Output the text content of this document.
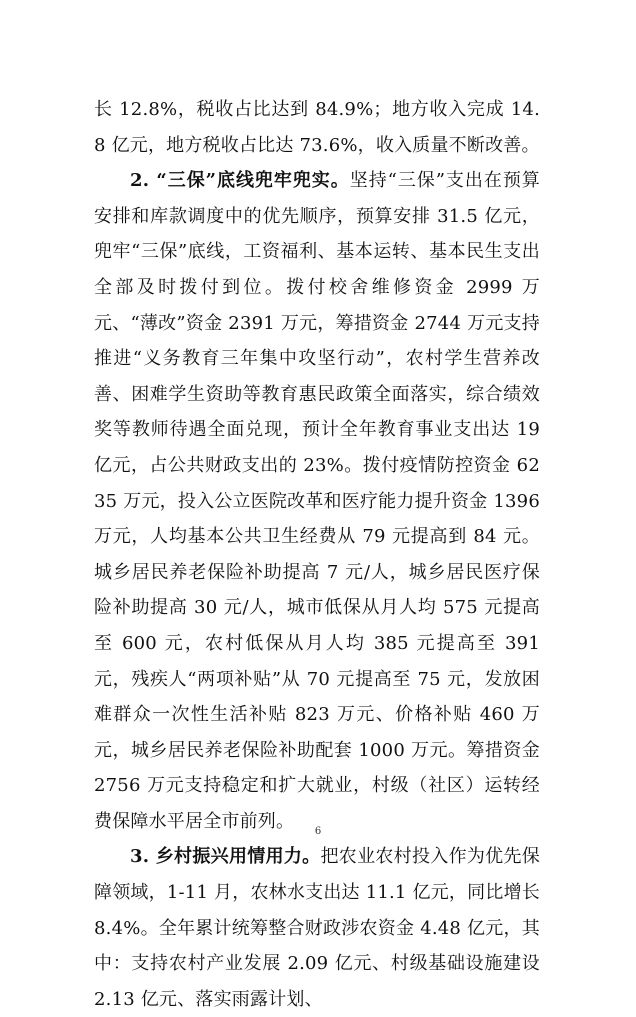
长 12.8%，税收占比达到 84.9%；地方收入完成 14.8 亿元，地方税收占比达 73.6%，收入质量不断改善。

2. “三保”底线兜牢兜实。坚持“三保”支出在预算安排和库款调度中的优先顺序，预算安排 31.5 亿元，兜牢“三保”底线，工资福利、基本运转、基本民生支出全部及时拨付到位。拨付校舍维修资金 2999 万元、“薄改”资金 2391 万元，筹措资金 2744 万元支持推进“义务教育三年集中攻坚行动”，农村学生营养改善、困难学生资助等教育惠民政策全面落实，综合绩效奖等教师待遇全面兑现，预计全年教育事业支出达 19 亿元，占公共财政支出的 23%。拨付疫情防控资金 6235 万元，投入公立医院改革和医疗能力提升资金 1396 万元，人均基本公共卫生经费从 79 元提高到 84 元。城乡居民养老保险补助提高 7 元/人，城乡居民医疗保险补助提高 30 元/人，城市低保从月人均 575 元提高至 600 元，农村低保从月人均 385 元提高至 391 元，残疾人“两项补贴”从 70 元提高至 75 元，发放困难群众一次性生活补贴 823 万元、价格补贴 460 万元，城乡居民养老保险补助配套 1000 万元。筹措资金 2756 万元支持稳定和扩大就业，村级（社区）运转经费保障水平居全市前列。

3. 乡村振兴用情用力。把农业农村投入作为优先保障领域，1-11 月，农林水支出达 11.1 亿元，同比增长 8.4%。全年累计统筹整合财政涉农资金 4.48 亿元，其中：支持农村产业发展 2.09 亿元、村级基础设施建设 2.13 亿元、落实雨露计划、

6
